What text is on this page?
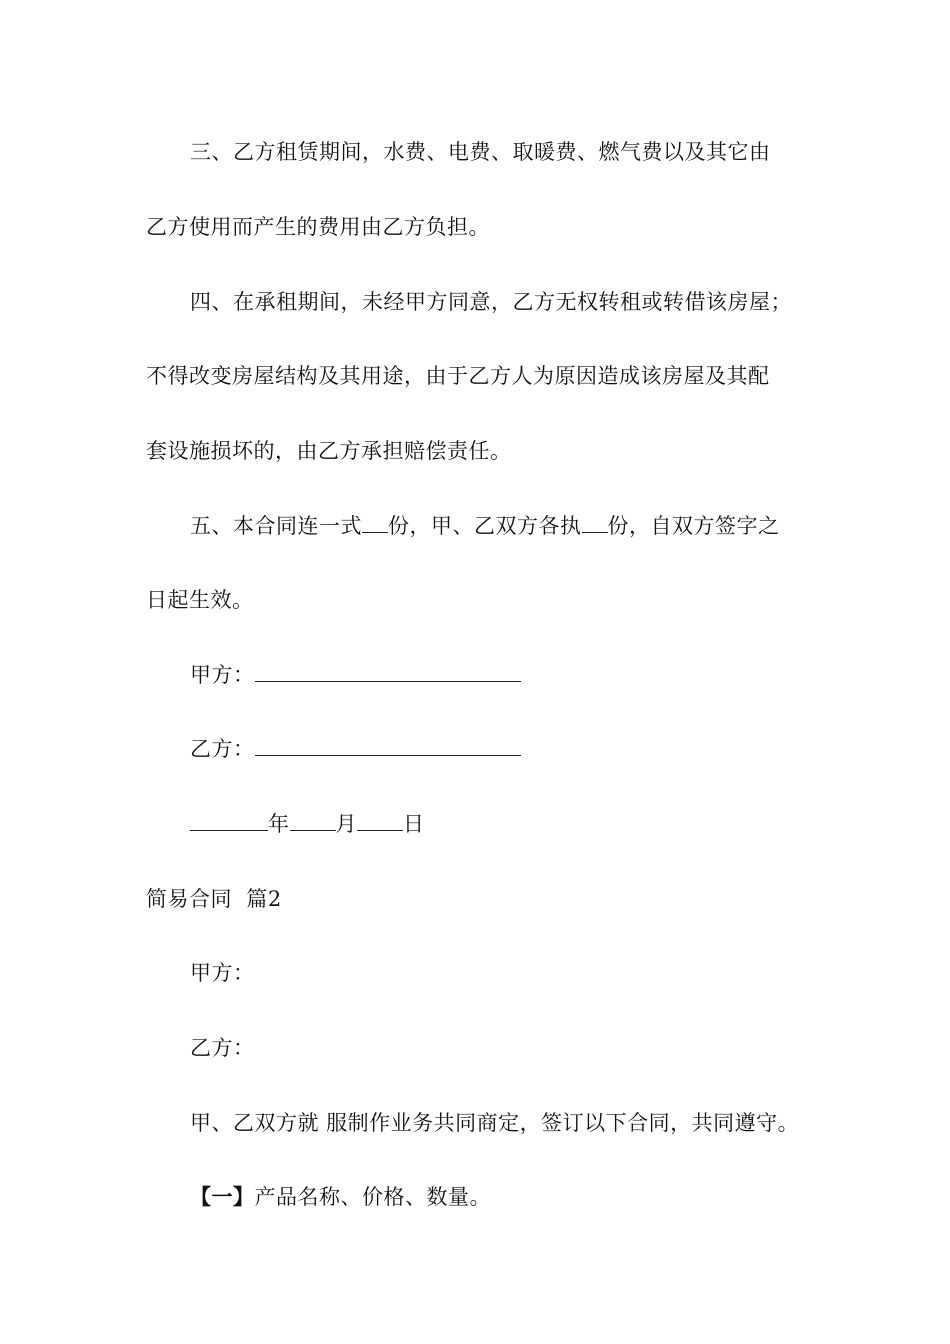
三、乙方租赁期间，水费、电费、取暖费、燃气费以及其它由
乙方使用而产生的费用由乙方负担。
四、在承租期间，未经甲方同意，乙方无权转租或转借该房屋；
不得改变房屋结构及其用途，由于乙方人为原因造成该房屋及其配
套设施损坏的，由乙方承担赔偿责任。
五、本合同连一式 份，甲、乙双方各执 份，自双方签字之
日起生效。
甲方：
乙方：
年 月 日
简易合同  篇2
甲方：
乙方：
甲、乙双方就 服制作业务共同商定，签订以下合同，共同遵守。
【一】产品名称、价格、数量。
